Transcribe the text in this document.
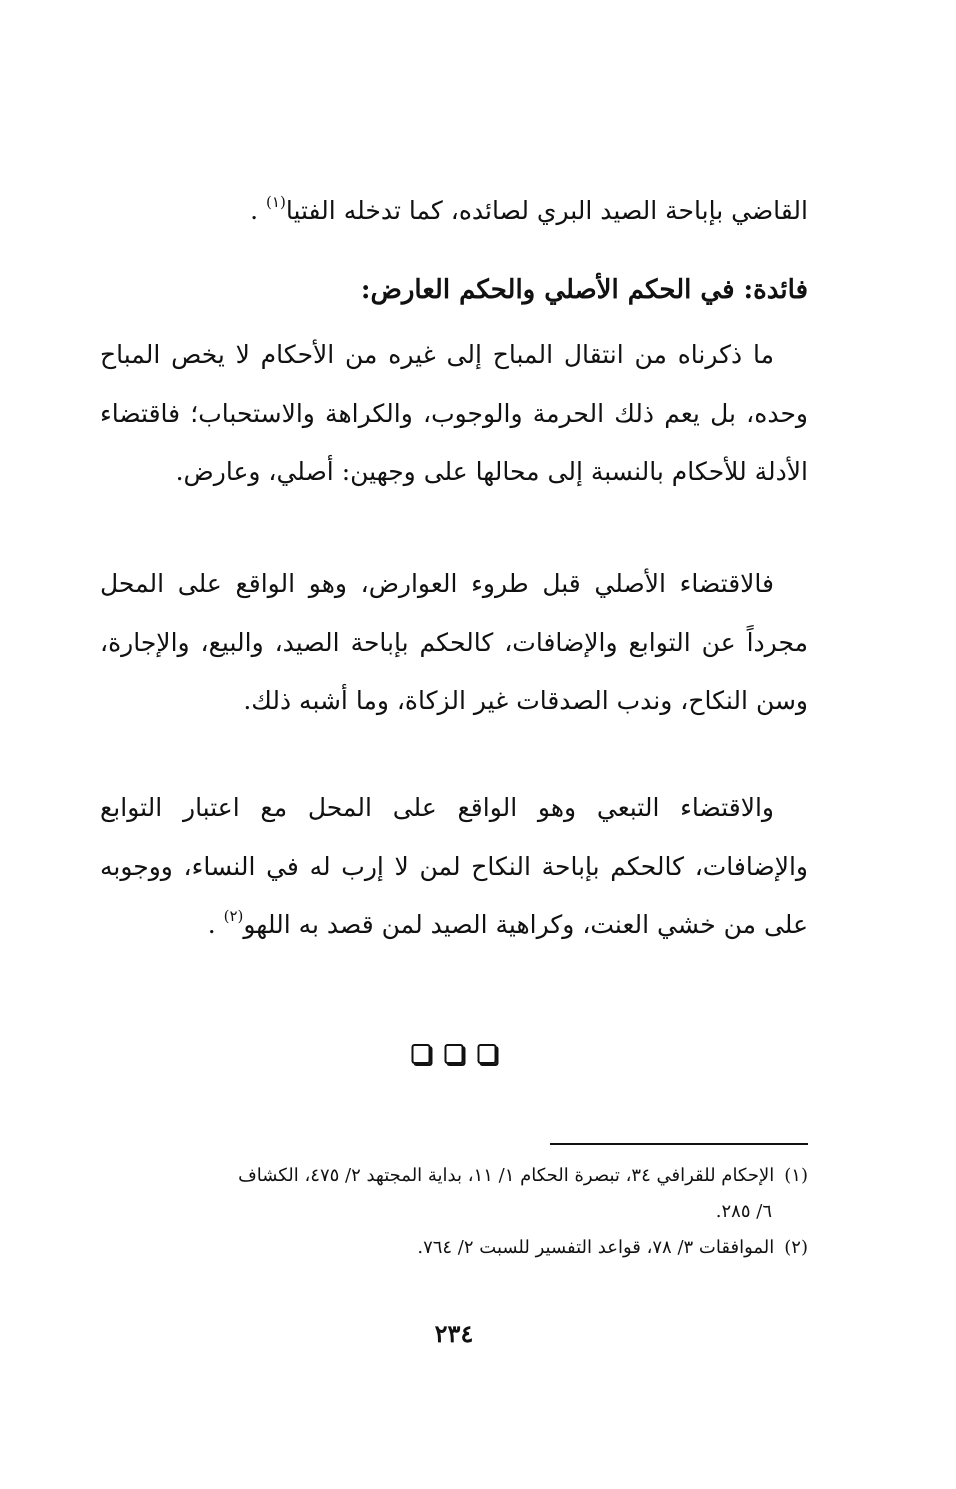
القاضي بإباحة الصيد البري لصائده، كما تدخله الفتيا$^{(١)}$ .
فائدة: في الحكم الأصلي والحكم العارض:

ما ذكرناه من انتقال المباح إلى غيره من الأحكام لا يخص المباح وحده، بل يعم ذلك الحرمة والوجوب، والكراهة والاستحباب؛ فاقتضاء الأدلة للأحكام بالنسبة إلى محالها على وجهين: أصلي، وعارض.

فالاقتضاء الأصلي قبل طروء العوارض، وهو الواقع على المحل مجرداً عن التوابع والإضافات، كالحكم بإباحة الصيد، والبيع، والإجارة، وسن النكاح، وندب الصدقات غير الزكاة، وما أشبه ذلك.

والاقتضاء التبعي وهو الواقع على المحل مع اعتبار التوابع والإضافات، كالحكم بإباحة النكاح لمن لا إرب له في النساء، ووجوبه على من خشي العنت، وكراهية الصيد لمن قصد به اللهو$^{(٢)}$ .

(١)الإحكام للقرافي ٣٤، تبصرة الحكام ١/ ١١، بداية المجتهد ٢/ ٤٧٥، الكشاف
٦/ ٢٨٥.
(٢)الموافقات ٣/ ٧٨، قواعد التفسير للسبت ٢/ ٧٦٤.
٢٣٤
